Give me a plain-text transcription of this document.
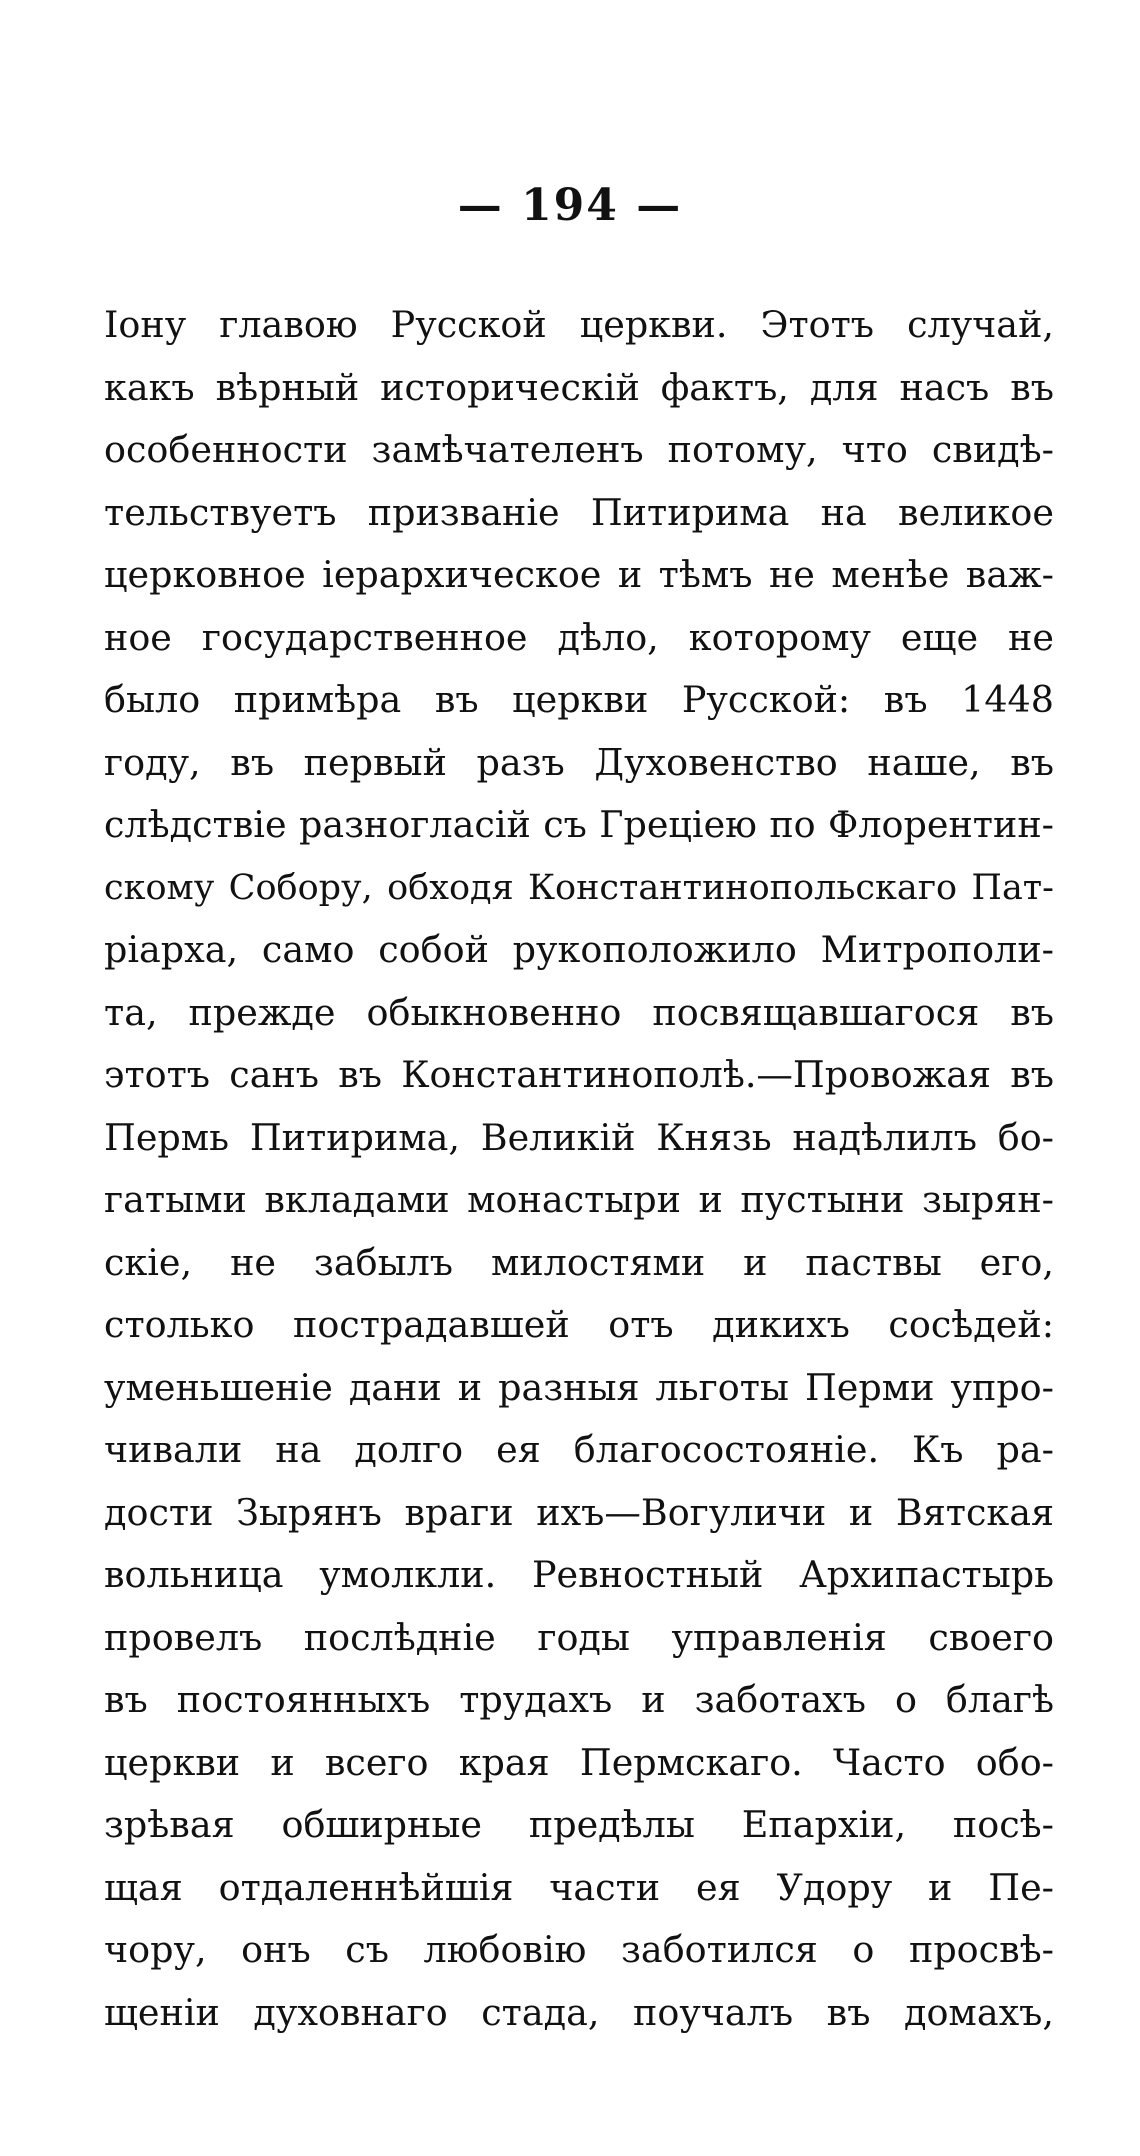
— 194 —
Іону главою Русской церкви. Этотъ случай,
какъ вѣрный историческій фактъ, для насъ въ
особенности замѣчателенъ потому, что свидѣ-
тельствуетъ призваніе Питирима на великое
церковное іерархическое и тѣмъ не менѣе важ-
ное государственное дѣло, которому еще не
было примѣра въ церкви Русской: въ 1448
году, въ первый разъ Духовенство наше, въ
слѣдствіе разногласій съ Греціею по Флорентин-
скому Собору, обходя Константинопольскаго Пат-
ріарха, само собой рукоположило Митрополи-
та, прежде обыкновенно посвящавшагося въ
этотъ санъ въ Константинополѣ.—Провожая въ
Пермь Питирима, Великій Князь надѣлилъ бо-
гатыми вкладами монастыри и пустыни зырян-
скіе, не забылъ милостями и паствы его,
столько пострадавшей отъ дикихъ сосѣдей:
уменьшеніе дани и разныя льготы Перми упро-
чивали на долго ея благосостояніе. Къ ра-
дости Зырянъ враги ихъ—Вогуличи и Вятская
вольница умолкли. Ревностный Архипастырь
провелъ послѣдніе годы управленія своего
въ постоянныхъ трудахъ и заботахъ о благѣ
церкви и всего края Пермскаго. Часто обо-
зрѣвая обширные предѣлы Епархіи, посѣ-
щая отдаленнѣйшія части ея Удору и Пе-
чору, онъ съ любовію заботился о просвѣ-
щеніи духовнаго стада, поучалъ въ домахъ,
